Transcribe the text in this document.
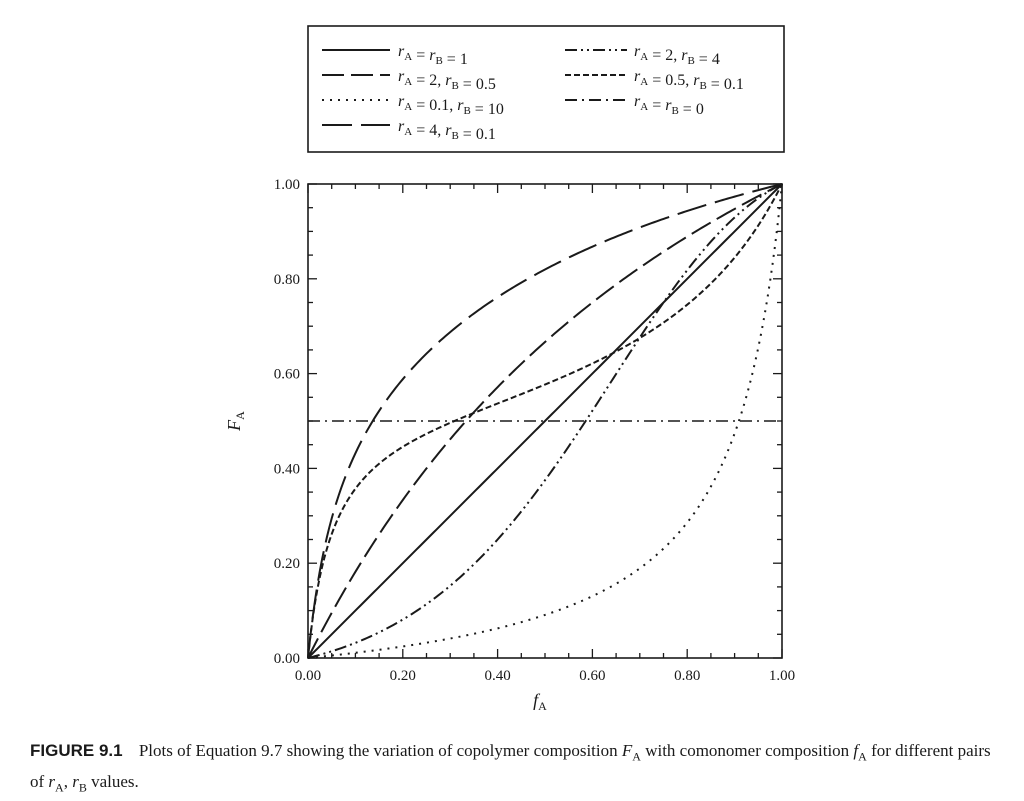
$r_A = r_B = 1$	$r_A = 2$, $r_B = 4$
$r_A = 2$, $r_B = 0.5$	$r_A = 0.5$, $r_B = 0.1$
$r_A = 0.1$, $r_B = 10$	$r_A = r_B = 0$
$r_A = 4$, $r_B = 0.1$
0.00	0.20	0.40	0.60	0.80	1.00
0.00
0.20
0.40
0.60
0.80
1.00
$f_A$
$F_A$
FIGURE 9.1 Plots of Equation 9.7 showing the variation of copolymer composition $F_A$ with comonomer composition $f_A$ for different pairs of $r_A$, $r_B$ values.
